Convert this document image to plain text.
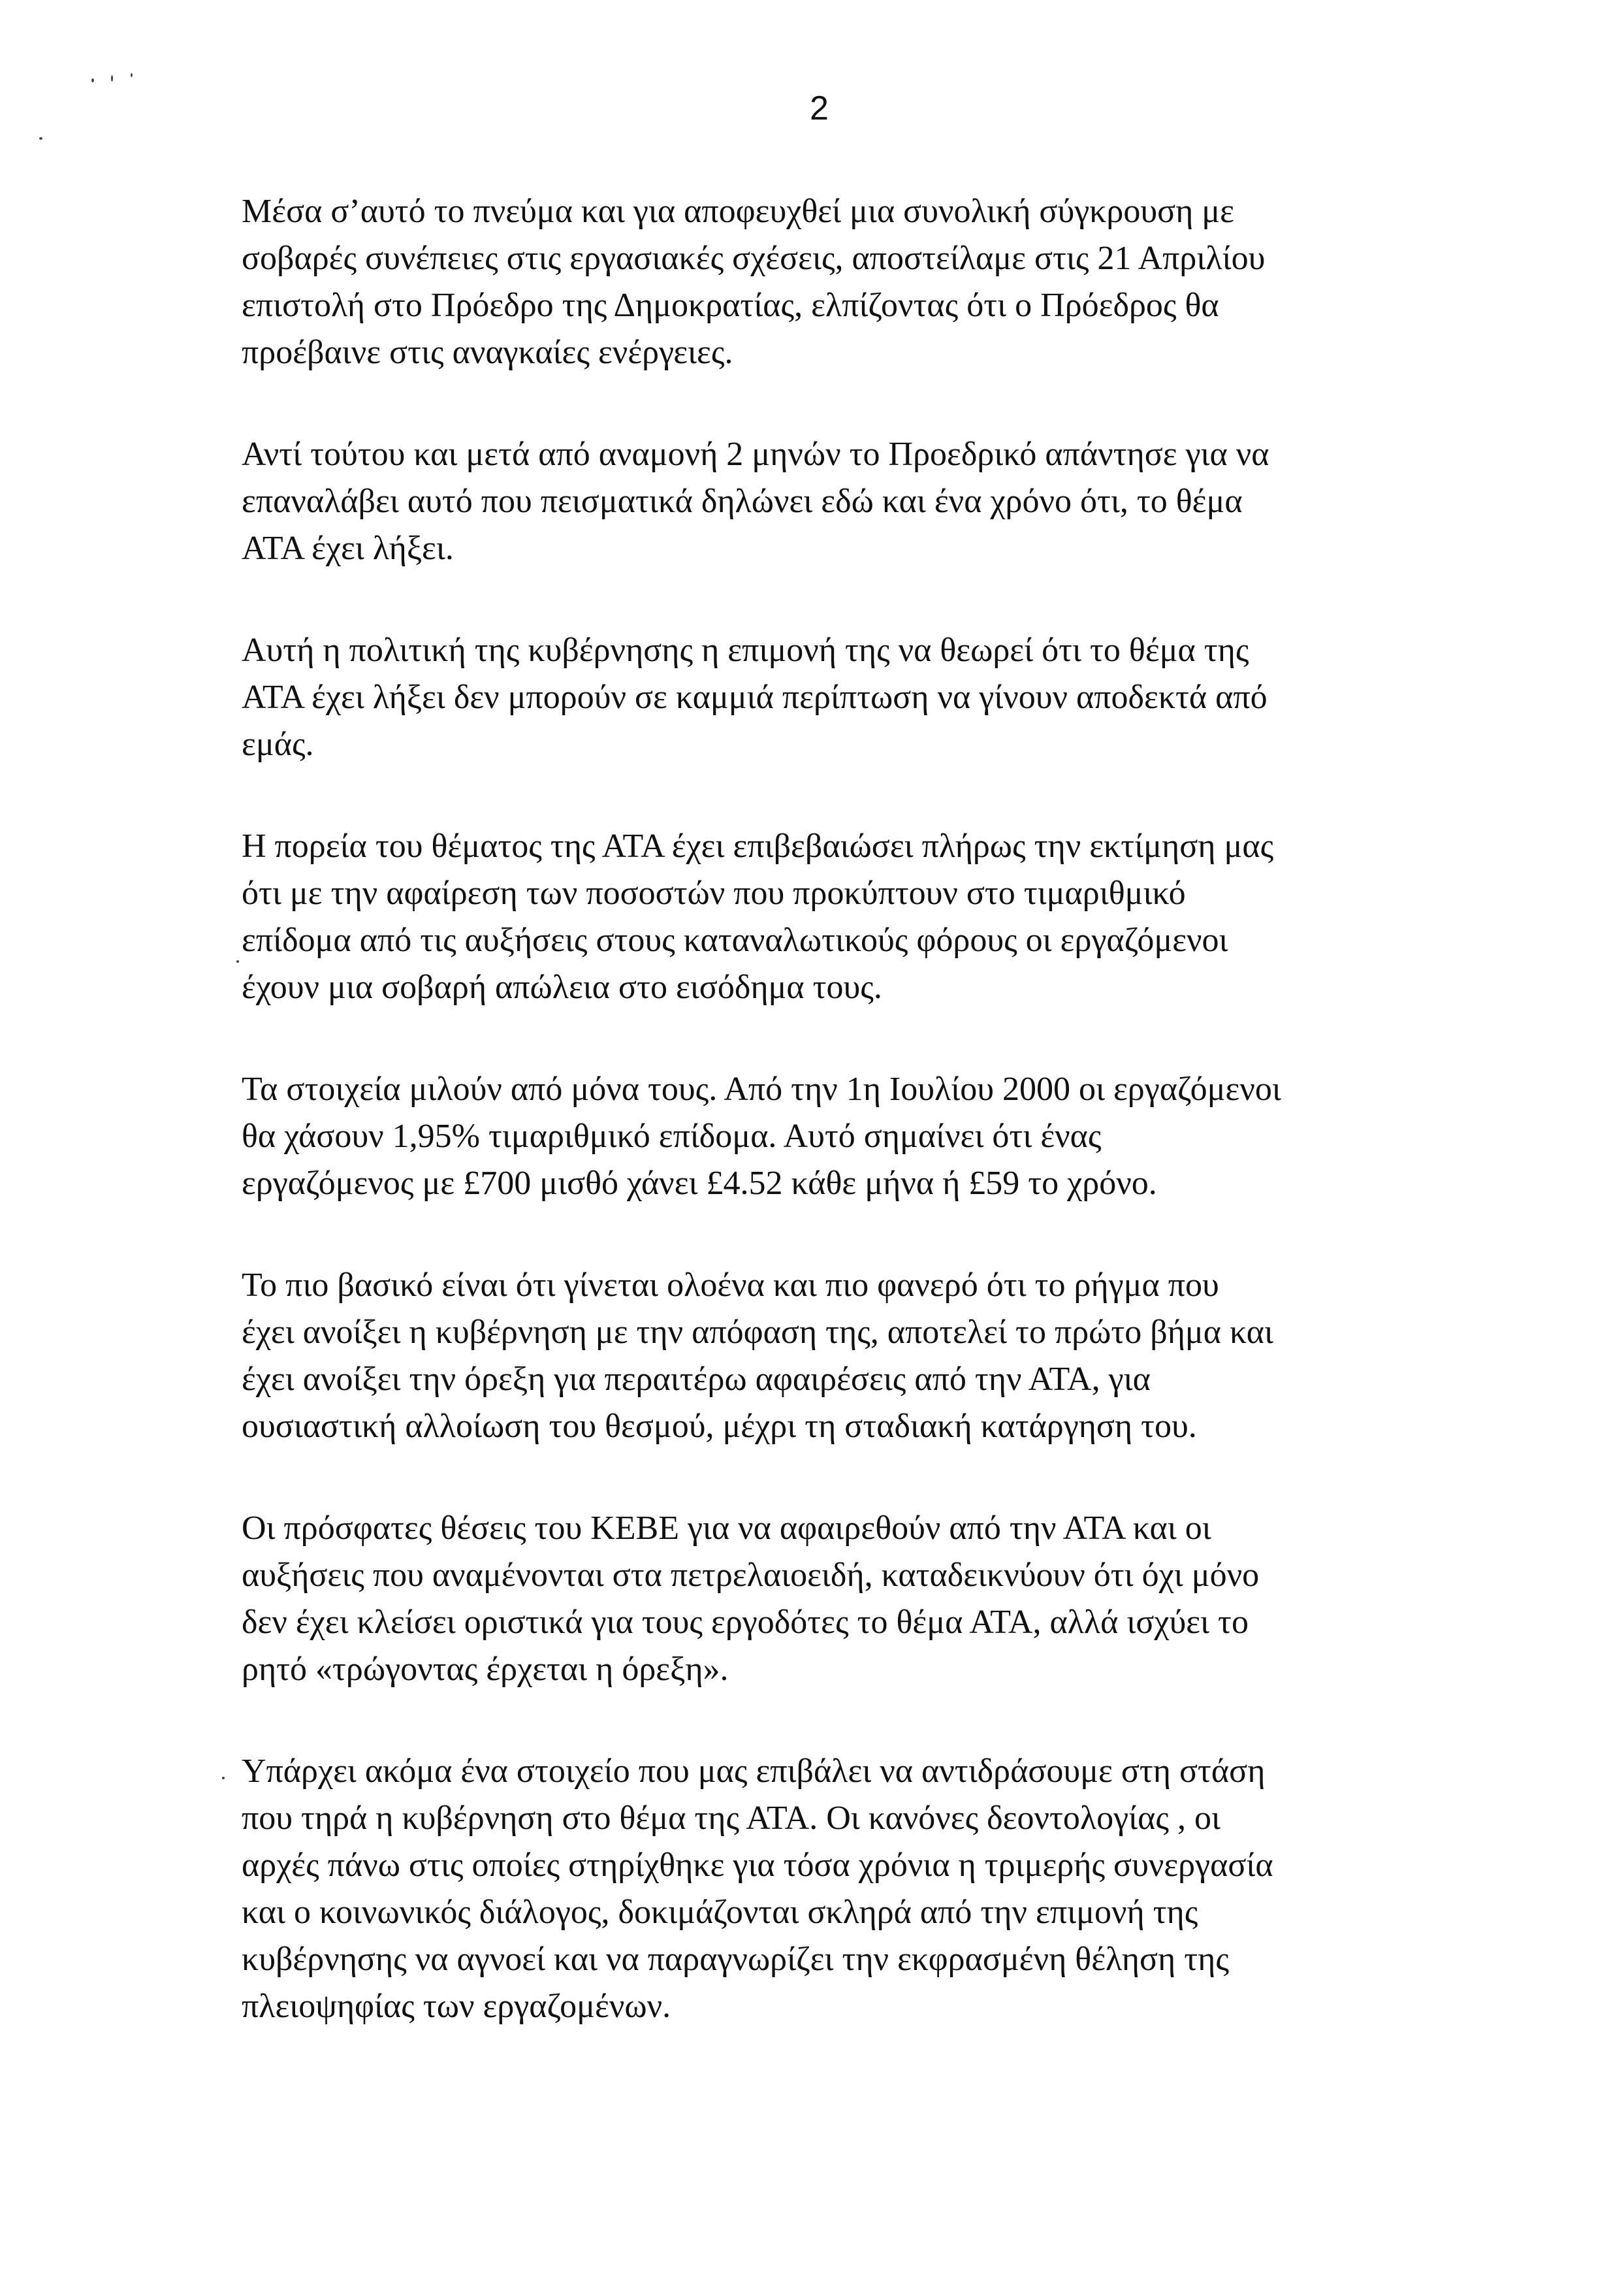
2

Μέσα σ’αυτό το πνεύμα και για αποφευχθεί μια συνολική σύγκρουση με
σοβαρές συνέπειες στις εργασιακές σχέσεις, αποστείλαμε στις 21 Απριλίου
επιστολή στο Πρόεδρο της Δημοκρατίας, ελπίζοντας ότι ο Πρόεδρος θα
προέβαινε στις αναγκαίες ενέργειες.

Αντί τούτου και μετά από αναμονή 2 μηνών το Προεδρικό απάντησε για να
επαναλάβει αυτό που πεισματικά δηλώνει εδώ και ένα χρόνο ότι, το θέμα
ΑΤΑ έχει λήξει.

Αυτή η πολιτική της κυβέρνησης η επιμονή της να θεωρεί ότι το θέμα της
ΑΤΑ έχει λήξει δεν μπορούν σε καμμιά περίπτωση να γίνουν αποδεκτά από
εμάς.

Η πορεία του θέματος της ΑΤΑ έχει επιβεβαιώσει πλήρως την εκτίμηση μας
ότι με την αφαίρεση των ποσοστών που προκύπτουν στο τιμαριθμικό
επίδομα από τις αυξήσεις στους καταναλωτικούς φόρους οι εργαζόμενοι
έχουν μια σοβαρή απώλεια στο εισόδημα τους.

Τα στοιχεία μιλούν από μόνα τους. Από την 1η Ιουλίου 2000 οι εργαζόμενοι
θα χάσουν 1,95% τιμαριθμικό επίδομα. Αυτό σημαίνει ότι ένας
εργαζόμενος με £700 μισθό χάνει £4.52 κάθε μήνα ή £59 το χρόνο.

Το πιο βασικό είναι ότι γίνεται ολοένα και πιο φανερό ότι το ρήγμα που
έχει ανοίξει η κυβέρνηση με την απόφαση της, αποτελεί το πρώτο βήμα και
έχει ανοίξει την όρεξη για περαιτέρω αφαιρέσεις από την ΑΤΑ, για
ουσιαστική αλλοίωση του θεσμού, μέχρι τη σταδιακή κατάργηση του.

Οι πρόσφατες θέσεις του ΚΕΒΕ για να αφαιρεθούν από την ΑΤΑ και οι
αυξήσεις που αναμένονται στα πετρελαιοειδή, καταδεικνύουν ότι όχι μόνο
δεν έχει κλείσει οριστικά για τους εργοδότες το θέμα ΑΤΑ, αλλά ισχύει το
ρητό «τρώγοντας έρχεται η όρεξη».

Υπάρχει ακόμα ένα στοιχείο που μας επιβάλει να αντιδράσουμε στη στάση
που τηρά η κυβέρνηση στο θέμα της ΑΤΑ. Οι κανόνες δεοντολογίας , οι
αρχές πάνω στις οποίες στηρίχθηκε για τόσα χρόνια η τριμερής συνεργασία
και ο κοινωνικός διάλογος, δοκιμάζονται σκληρά από την επιμονή της
κυβέρνησης να αγνοεί και να παραγνωρίζει την εκφρασμένη θέληση της
πλειοψηφίας των εργαζομένων.
